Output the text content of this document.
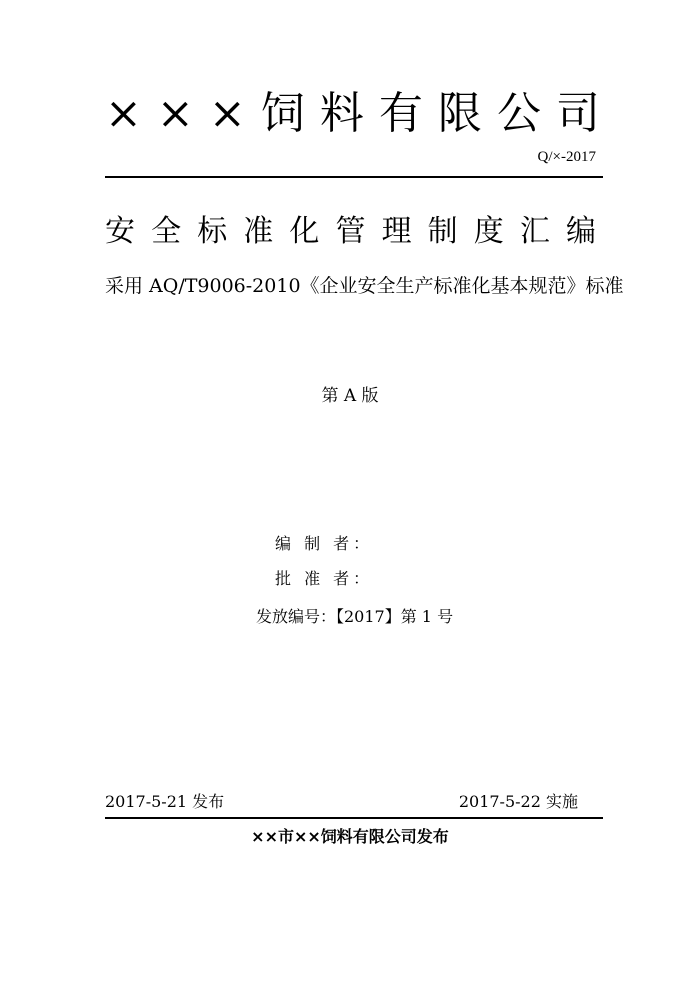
× × × 饲 料 有 限 公 司
Q/×-2017
安 全 标 准 化 管 理 制 度 汇 编
采用 AQ/T9006-2010《企业安全生产标准化基本规范》标准
第 A 版
编 制 者：
批 准 者：
发放编号：【2017】第 1 号
2017-5-21 发布	2017-5-22 实施
××市××饲料有限公司发布
